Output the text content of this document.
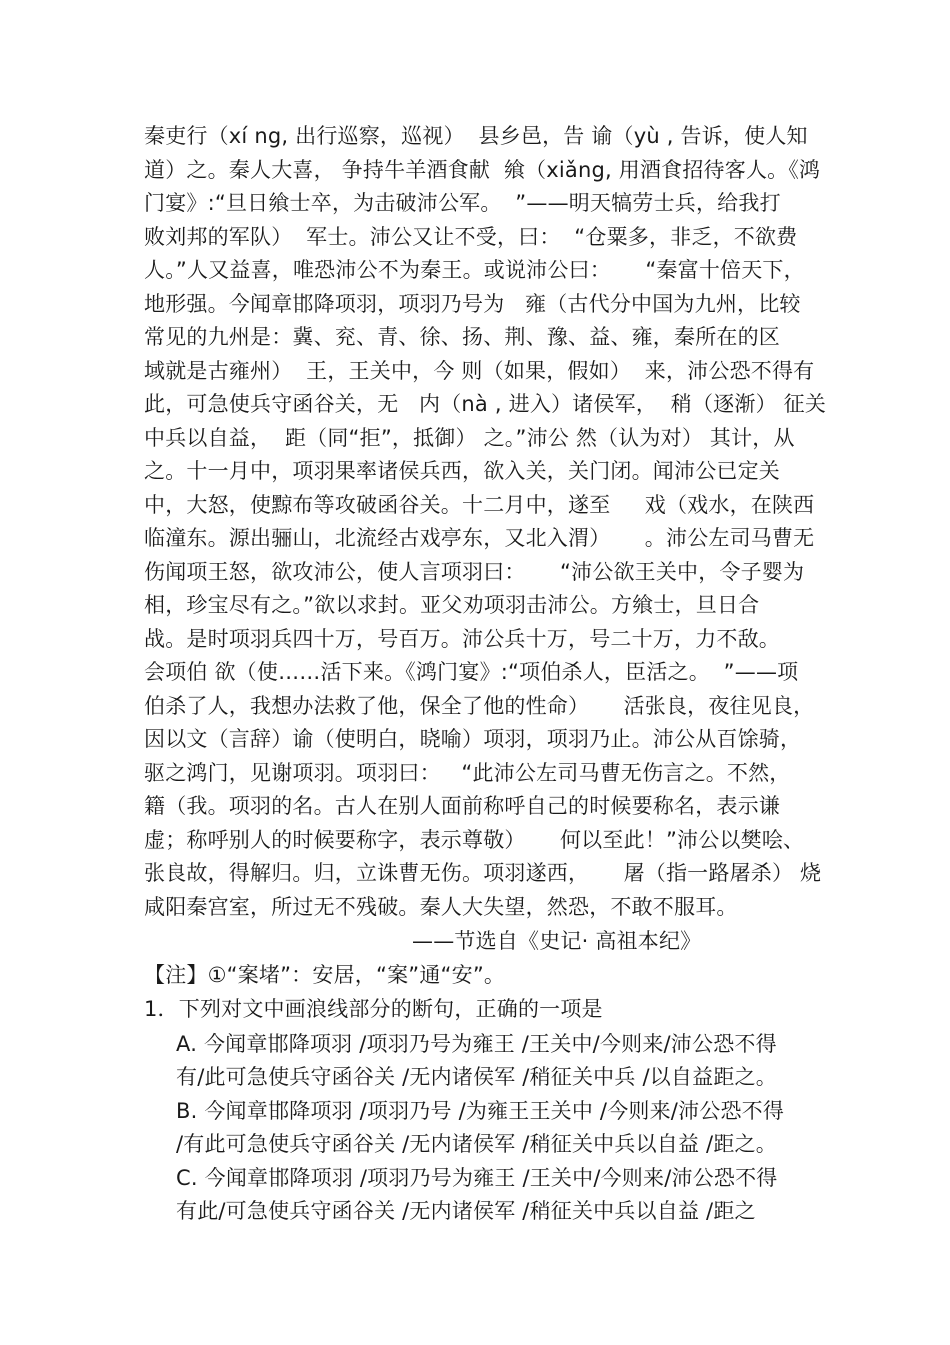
秦吏行（xí ng, 出行巡察，巡视）  县乡邑，告 谕（yù , 告诉，使人知
道）之。秦人大喜， 争持牛羊酒食献  飨（xiǎng, 用酒食招待客人。《鸿
门宴》:“旦日飨士卒，为击破沛公军。  ”——明天犒劳士兵，给我打
败刘邦的军队）  军士。沛公又让不受，曰：  “仓粟多，非乏，不欲费
人。”人又益喜，唯恐沛公不为秦王。或说沛公曰：     “秦富十倍天下，
地形强。今闻章邯降项羽，项羽乃号为   雍（古代分中国为九州，比较
常见的九州是：冀、兖、青、徐、扬、荆、豫、益、雍，秦所在的区
域就是古雍州）  王，王关中，今 则（如果，假如）  来，沛公恐不得有
此，可急使兵守函谷关，无   内（nà , 进入）诸侯军，  稍（逐渐） 征关
中兵以自益，  距（同“拒”，抵御） 之。”沛公 然（认为对） 其计，从
之。十一月中，项羽果率诸侯兵西，欲入关，关门闭。闻沛公已定关
中，大怒，使黥布等攻破函谷关。十二月中，遂至     戏（戏水，在陕西
临潼东。源出骊山，北流经古戏亭东，又北入渭）     。沛公左司马曹无
伤闻项王怒，欲攻沛公，使人言项羽曰：     “沛公欲王关中，令子婴为
相，珍宝尽有之。”欲以求封。亚父劝项羽击沛公。方飨士，旦日合
战。是时项羽兵四十万，号百万。沛公兵十万，号二十万，力不敌。
会项伯 欲（使……活下来。《鸿门宴》:“项伯杀人，臣活之。  ”——项
伯杀了人，我想办法救了他，保全了他的性命）     活张良，夜往见良，
因以文（言辞）谕（使明白，晓喻）项羽，项羽乃止。沛公从百馀骑，
驱之鸿门，见谢项羽。项羽曰：   “此沛公左司马曹无伤言之。不然，
籍（我。项羽的名。古人在别人面前称呼自己的时候要称名，表示谦
虚；称呼别人的时候要称字，表示尊敬）     何以至此！”沛公以樊哙、
张良故，得解归。归，立诛曹无伤。项羽遂西，     屠（指一路屠杀） 烧
咸阳秦宫室，所过无不残破。秦人大失望，然恐，不敢不服耳。
——节选自《史记· 高祖本纪》
【注】①“案堵”：安居，“案”通“安”。
1．下列对文中画浪线部分的断句，正确的一项是
A. 今闻章邯降项羽 /项羽乃号为雍王 /王关中/今则来/沛公恐不得
有/此可急使兵守函谷关 /无内诸侯军 /稍征关中兵 /以自益距之。
B. 今闻章邯降项羽 /项羽乃号 /为雍王王关中 /今则来/沛公恐不得
/有此可急使兵守函谷关 /无内诸侯军 /稍征关中兵以自益 /距之。
C. 今闻章邯降项羽 /项羽乃号为雍王 /王关中/今则来/沛公恐不得
有此/可急使兵守函谷关 /无内诸侯军 /稍征关中兵以自益 /距之
